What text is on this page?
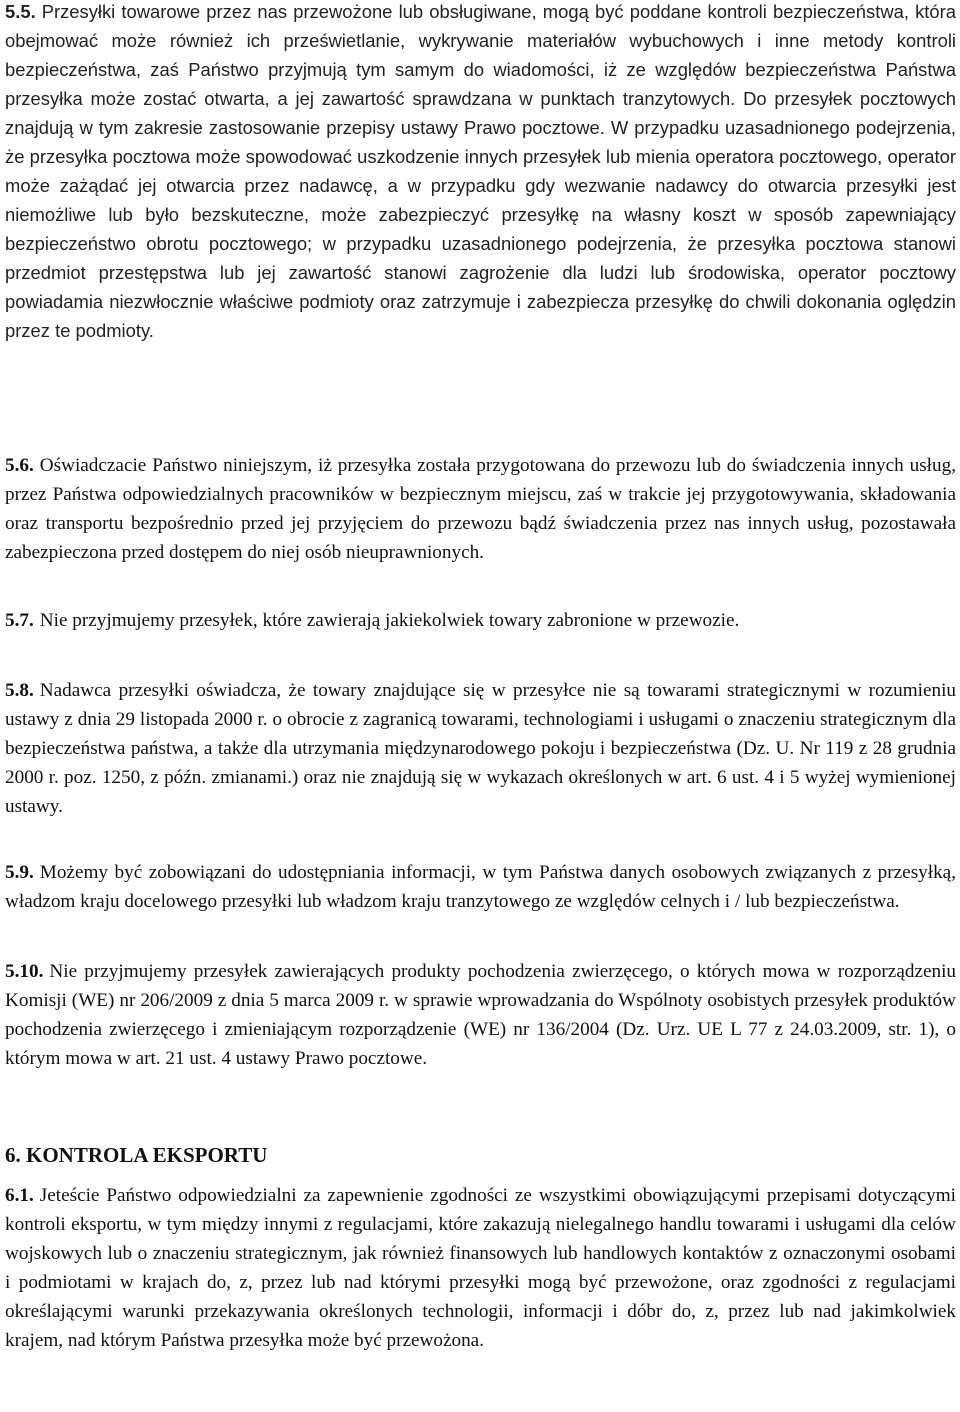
5.5. Przesyłki towarowe przez nas przewożone lub obsługiwane, mogą być poddane kontroli bezpieczeństwa, która obejmować może również ich prześwietlanie, wykrywanie materiałów wybuchowych i inne metody kontroli bezpieczeństwa, zaś Państwo przyjmują tym samym do wiadomości, iż ze względów bezpieczeństwa Państwa przesyłka może zostać otwarta, a jej zawartość sprawdzana w punktach tranzytowych. Do przesyłek pocztowych znajdują w tym zakresie zastosowanie przepisy ustawy Prawo pocztowe. W przypadku uzasadnionego podejrzenia, że przesyłka pocztowa może spowodować uszkodzenie innych przesyłek lub mienia operatora pocztowego, operator może zażądać jej otwarcia przez nadawcę, a w przypadku gdy wezwanie nadawcy do otwarcia przesyłki jest niemożliwe lub było bezskuteczne, może zabezpieczyć przesyłkę na własny koszt w sposób zapewniający bezpieczeństwo obrotu pocztowego; w przypadku uzasadnionego podejrzenia, że przesyłka pocztowa stanowi przedmiot przestępstwa lub jej zawartość stanowi zagrożenie dla ludzi lub środowiska, operator pocztowy powiadamia niezwłocznie właściwe podmioty oraz zatrzymuje i zabezpiecza przesyłkę do chwili dokonania oględzin przez te podmioty.

5.6. Oświadczacie Państwo niniejszym, iż przesyłka została przygotowana do przewozu lub do świadczenia innych usług, przez Państwa odpowiedzialnych pracowników w bezpiecznym miejscu, zaś w trakcie jej przygotowywania, składowania oraz transportu bezpośrednio przed jej przyjęciem do przewozu bądź świadczenia przez nas innych usług, pozostawała zabezpieczona przed dostępem do niej osób nieuprawnionych.

5.7. Nie przyjmujemy przesyłek, które zawierają jakiekolwiek towary zabronione w przewozie.

5.8. Nadawca przesyłki oświadcza, że towary znajdujące się w przesyłce nie są towarami strategicznymi w rozumieniu ustawy z dnia 29 listopada 2000 r. o obrocie z zagranicą towarami, technologiami i usługami o znaczeniu strategicznym dla bezpieczeństwa państwa, a także dla utrzymania międzynarodowego pokoju i bezpieczeństwa (Dz. U. Nr 119 z 28 grudnia 2000 r. poz. 1250, z późn. zmianami.) oraz nie znajdują się w wykazach określonych w art. 6 ust. 4 i 5 wyżej wymienionej ustawy.

5.9. Możemy być zobowiązani do udostępniania informacji, w tym Państwa danych osobowych związanych z przesyłką, władzom kraju docelowego przesyłki lub władzom kraju tranzytowego ze względów celnych i / lub bezpieczeństwa.

5.10. Nie przyjmujemy przesyłek zawierających produkty pochodzenia zwierzęcego, o których mowa w rozporządzeniu Komisji (WE) nr 206/2009 z dnia 5 marca 2009 r. w sprawie wprowadzania do Wspólnoty osobistych przesyłek produktów pochodzenia zwierzęcego i zmieniającym rozporządzenie (WE) nr 136/2004 (Dz. Urz. UE L 77 z 24.03.2009, str. 1), o którym mowa w art. 21 ust. 4 ustawy Prawo pocztowe.

6. KONTROLA EKSPORTU

6.1. Jeteście Państwo odpowiedzialni za zapewnienie zgodności ze wszystkimi obowiązującymi przepisami dotyczącymi kontroli eksportu, w tym między innymi z regulacjami, które zakazują nielegalnego handlu towarami i usługami dla celów wojskowych lub o znaczeniu strategicznym, jak również finansowych lub handlowych kontaktów z oznaczonymi osobami i podmiotami w krajach do, z, przez lub nad którymi przesyłki mogą być przewożone, oraz zgodności z regulacjami określającymi warunki przekazywania określonych technologii, informacji i dóbr do, z, przez lub nad jakimkolwiek krajem, nad którym Państwa przesyłka może być przewożona.
